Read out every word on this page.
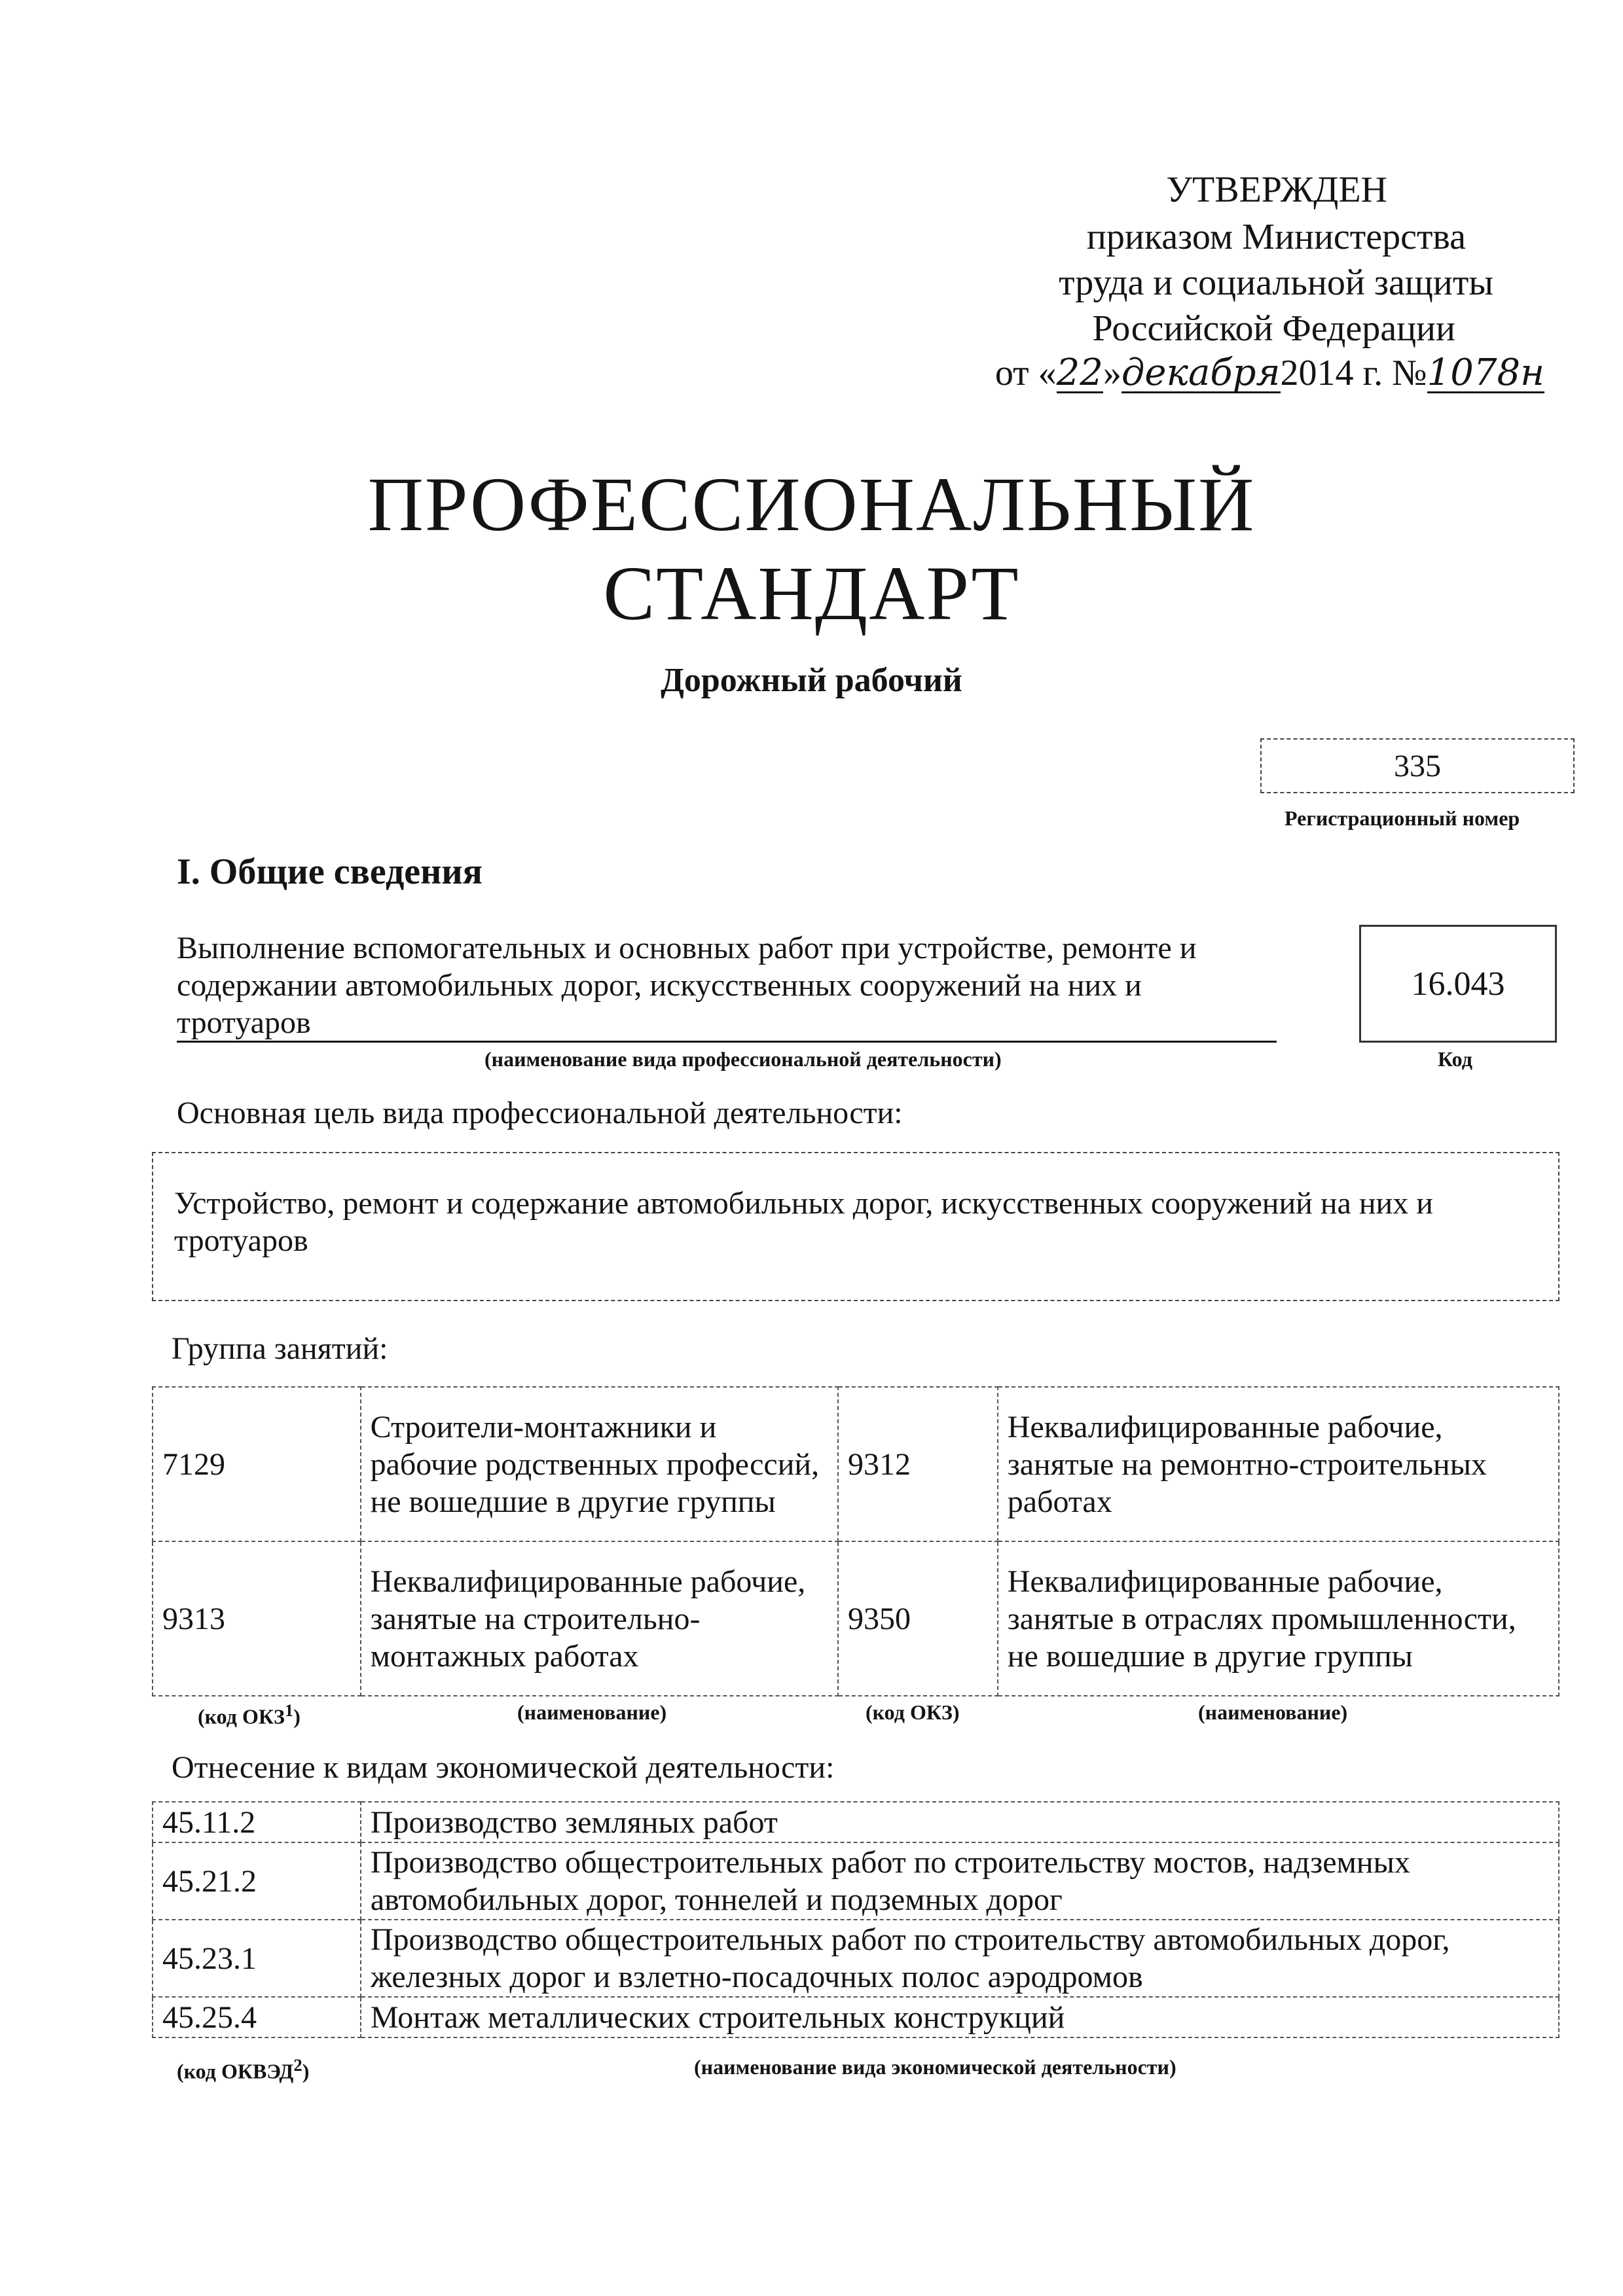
УТВЕРЖДЕН
приказом Министерства
труда и социальной защиты
Российской Федерации
от «22»декабря2014 г. №1078н
ПРОФЕССИОНАЛЬНЫЙ
СТАНДАРТ
Дорожный рабочий
335
Регистрационный номер
I. Общие сведения
Выполнение вспомогательных и основных работ при устройстве, ремонте и содержании автомобильных дорог, искусственных сооружений на них и тротуаров
(наименование вида профессиональной деятельности)
16.043
Код
Основная цель вида профессиональной деятельности:
Устройство, ремонт и содержание автомобильных дорог, искусственных сооружений на них и тротуаров
Группа занятий:
7129	Строители-монтажники и рабочие родственных профессий, не вошедшие в другие группы	9312	Неквалифицированные рабочие, занятые на ремонтно-строительных работах
9313	Неквалифицированные рабочие, занятые на строительно-монтажных работах	9350	Неквалифицированные рабочие, занятые в отраслях промышленности, не вошедшие в другие группы
(код ОКЗ$^1$)	(наименование)	(код ОКЗ)	(наименование)
Отнесение к видам экономической деятельности:
45.11.2	Производство земляных работ
45.21.2	Производство общестроительных работ по строительству мостов, надземных автомобильных дорог, тоннелей и подземных дорог
45.23.1	Производство общестроительных работ по строительству автомобильных дорог, железных дорог и взлетно-посадочных полос аэродромов
45.25.4	Монтаж металлических строительных конструкций
(код ОКВЭД$^2$)	(наименование вида экономической деятельности)
